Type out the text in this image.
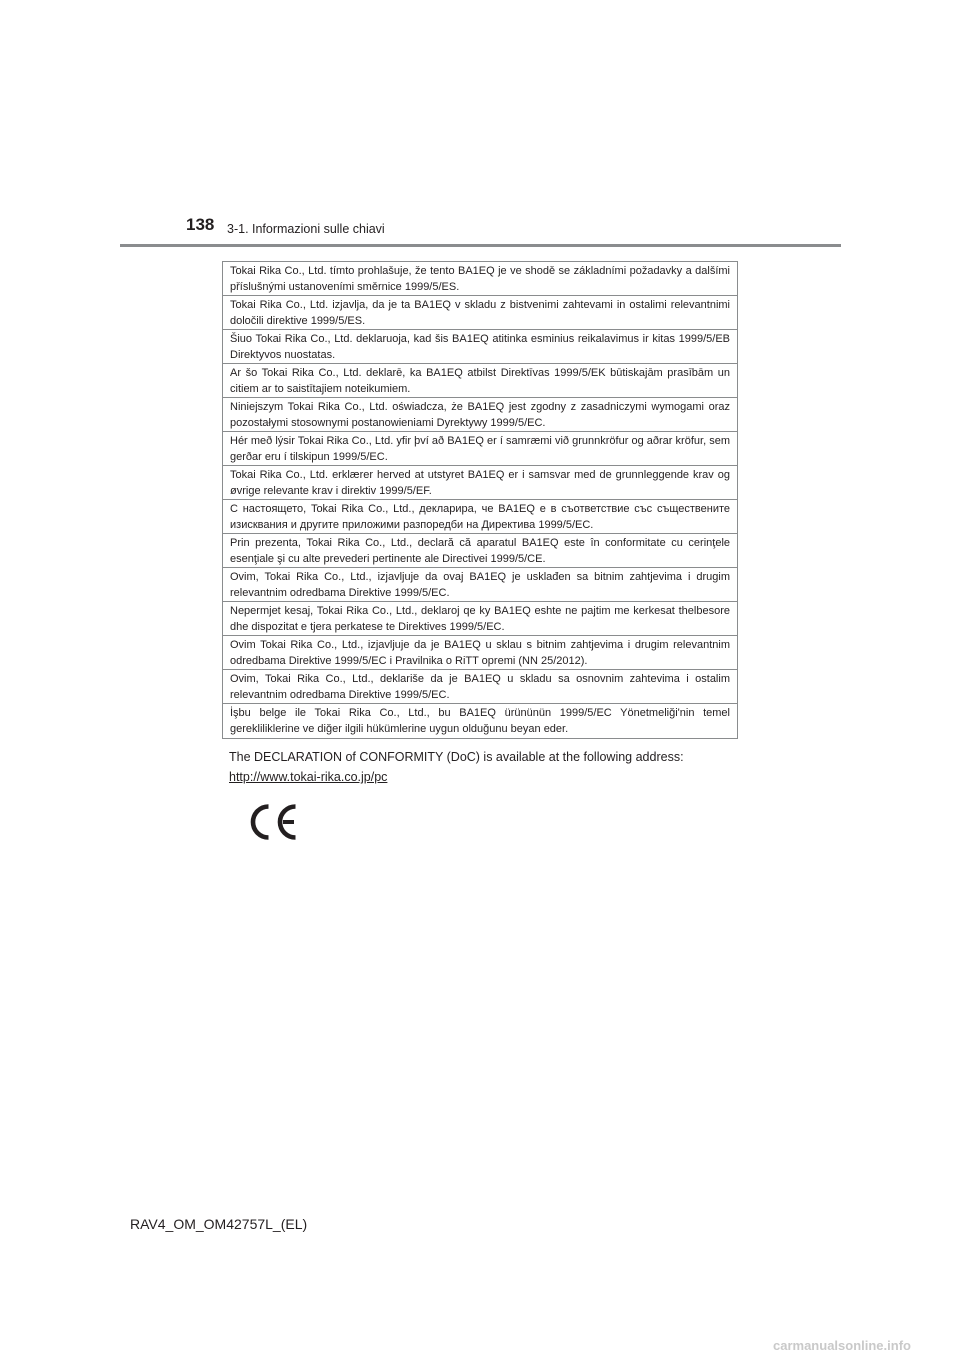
138 3-1. Informazioni sulle chiavi
Tokai Rika Co., Ltd. tímto prohlašuje, že tento BA1EQ je ve shodě se základními požadavky a dalšími příslušnými ustanoveními směrnice 1999/5/ES.
Tokai Rika Co., Ltd. izjavlja, da je ta BA1EQ v skladu z bistvenimi zahtevami in ostalimi relevantnimi določili direktive 1999/5/ES.
Šiuo Tokai Rika Co., Ltd. deklaruoja, kad šis BA1EQ atitinka esminius reikalavimus ir kitas 1999/5/EB Direktyvos nuostatas.
Ar šo Tokai Rika Co., Ltd. deklarē, ka BA1EQ atbilst Direktīvas 1999/5/EK būtiskajām prasībām un citiem ar to saistītajiem noteikumiem.
Niniejszym Tokai Rika Co., Ltd. oświadcza, że BA1EQ jest zgodny z zasadniczymi wymogami oraz pozostałymi stosownymi postanowieniami Dyrektywy 1999/5/EC.
Hér með lýsir Tokai Rika Co., Ltd. yfir því að BA1EQ er í samræmi við grunnkröfur og aðrar kröfur, sem gerðar eru í tilskipun 1999/5/EC.
Tokai Rika Co., Ltd. erklærer herved at utstyret BA1EQ er i samsvar med de grunnleggende krav og øvrige relevante krav i direktiv 1999/5/EF.
С настоящето, Tokai Rika Co., Ltd., декларира, че BA1EQ е в съответствие със съществените изисквания и другите приложими разпоредби на Директива 1999/5/EC.
Prin prezenta, Tokai Rika Co., Ltd., declară că aparatul BA1EQ este în conformitate cu cerinţele esenţiale şi cu alte prevederi pertinente ale Directivei 1999/5/CE.
Ovim, Tokai Rika Co., Ltd., izjavljuje da ovaj BA1EQ je usklađen sa bitnim zahtjevima i drugim relevantnim odredbama Direktive 1999/5/EC.
Nepermjet kesaj, Tokai Rika Co., Ltd., deklaroj qe ky BA1EQ eshte ne pajtim me kerkesat thelbesore dhe dispozitat e tjera perkatese te Direktives 1999/5/EC.
Ovim Tokai Rika Co., Ltd., izjavljuje da je BA1EQ u sklau s bitnim zahtjevima i drugim relevantnim odredbama Direktive 1999/5/EC i Pravilnika o RiTT opremi (NN 25/2012).
Ovim, Tokai Rika Co., Ltd., deklariše da je BA1EQ u skladu sa osnovnim zahtevima i ostalim relevantnim odredbama Direktive 1999/5/EC.
İşbu belge ile Tokai Rika Co., Ltd., bu BA1EQ ürününün 1999/5/EC Yönetmeliği'nin temel gerekliliklerine ve diğer ilgili hükümlerine uygun olduğunu beyan eder.
The DECLARATION of CONFORMITY (DoC) is available at the following address:
http://www.tokai-rika.co.jp/pc
RAV4_OM_OM42757L_(EL)
carmanualsonline.info
